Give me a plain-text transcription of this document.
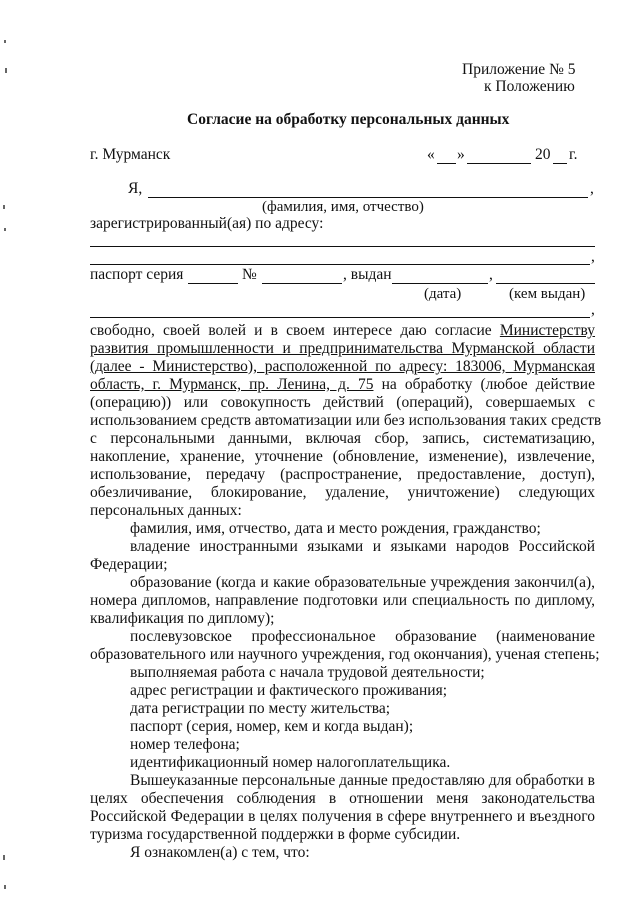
Приложение № 5
к Положению
Согласие на обработку персональных данных
г. Мурманск	« »	20 г.
Я,	,
(фамилия, имя, отчество)
зарегистрированный(ая) по адресу:
,
паспорт серия	№	, выдан	,
(дата)	(кем выдан)
,
свободно, своей волей и в своем интересе даю согласие Министерству
развития промышленности и предпринимательства Мурманской области
(далее - Министерство), расположенной по адресу: 183006, Мурманская
область, г. Мурманск, пр. Ленина, д. 75 на обработку (любое действие
(операцию)) или совокупность действий (операций), совершаемых с
использованием средств автоматизации или без использования таких средств
с персональными данными, включая сбор, запись, систематизацию,
накопление, хранение, уточнение (обновление, изменение), извлечение,
использование, передачу (распространение, предоставление, доступ),
обезличивание, блокирование, удаление, уничтожение) следующих
персональных данных:
фамилия, имя, отчество, дата и место рождения, гражданство;
владение иностранными языками и языками народов Российской
Федерации;
образование (когда и какие образовательные учреждения закончил(а),
номера дипломов, направление подготовки или специальность по диплому,
квалификация по диплому);
послевузовское профессиональное образование (наименование
образовательного или научного учреждения, год окончания), ученая степень;
выполняемая работа с начала трудовой деятельности;
адрес регистрации и фактического проживания;
дата регистрации по месту жительства;
паспорт (серия, номер, кем и когда выдан);
номер телефона;
идентификационный номер налогоплательщика.
Вышеуказанные персональные данные предоставляю для обработки в
целях обеспечения соблюдения в отношении меня законодательства
Российской Федерации в целях получения в сфере внутреннего и въездного
туризма государственной поддержки в форме субсидии.
Я ознакомлен(а) с тем, что:
